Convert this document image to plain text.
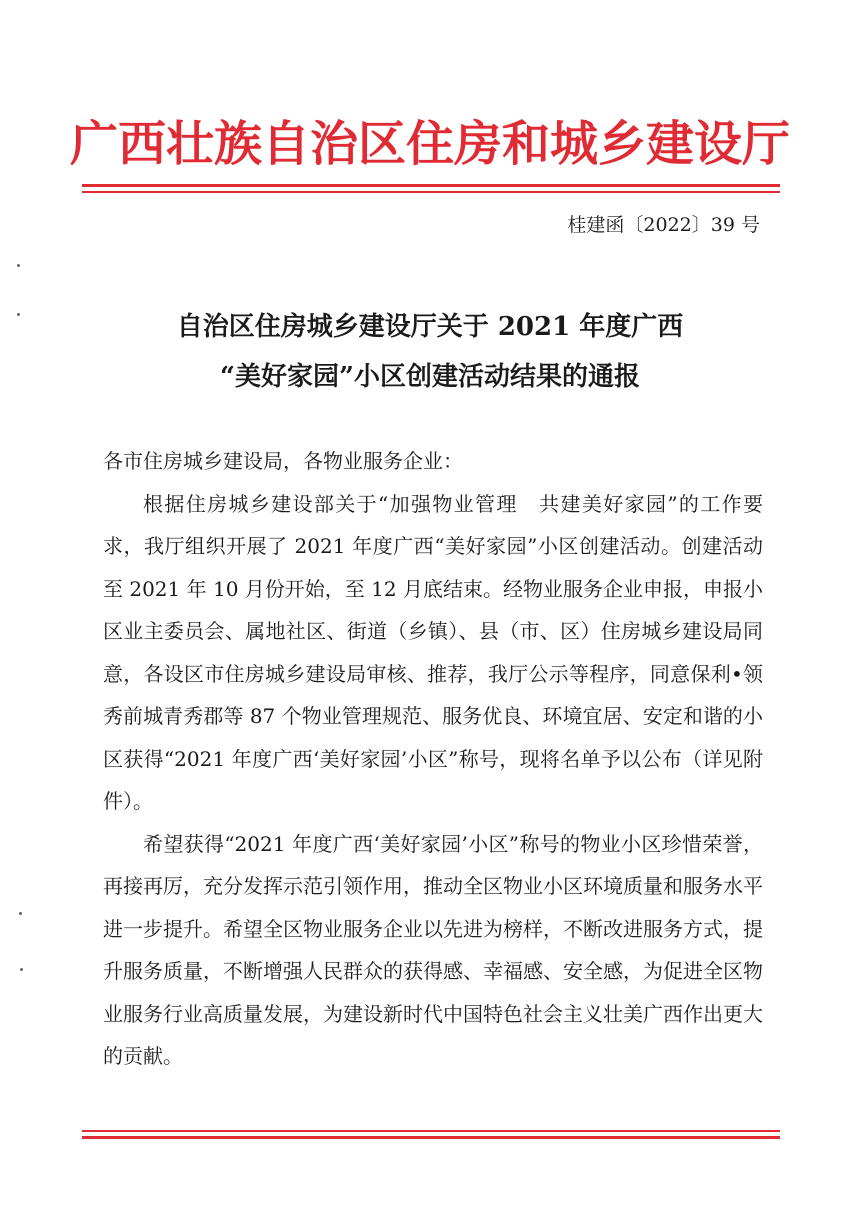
广西壮族自治区住房和城乡建设厅
桂建函〔2022〕39 号
自治区住房城乡建设厅关于 2021 年度广西
“美好家园”小区创建活动结果的通报

各市住房城乡建设局，各物业服务企业：

根据住房城乡建设部关于“加强物业管理　共建美好家园”的工作要求，我厅组织开展了 2021 年度广西“美好家园”小区创建活动。创建活动至 2021 年 10 月份开始，至 12 月底结束。经物业服务企业申报，申报小区业主委员会、属地社区、街道（乡镇）、县（市、区）住房城乡建设局同意，各设区市住房城乡建设局审核、推荐，我厅公示等程序，同意保利•领秀前城青秀郡等 87 个物业管理规范、服务优良、环境宜居、安定和谐的小区获得“2021 年度广西‘美好家园’小区”称号，现将名单予以公布（详见附件）。

希望获得“2021 年度广西‘美好家园’小区”称号的物业小区珍惜荣誉，再接再厉，充分发挥示范引领作用，推动全区物业小区环境质量和服务水平进一步提升。希望全区物业服务企业以先进为榜样，不断改进服务方式，提升服务质量，不断增强人民群众的获得感、幸福感、安全感，为促进全区物业服务行业高质量发展，为建设新时代中国特色社会主义壮美广西作出更大的贡献。
